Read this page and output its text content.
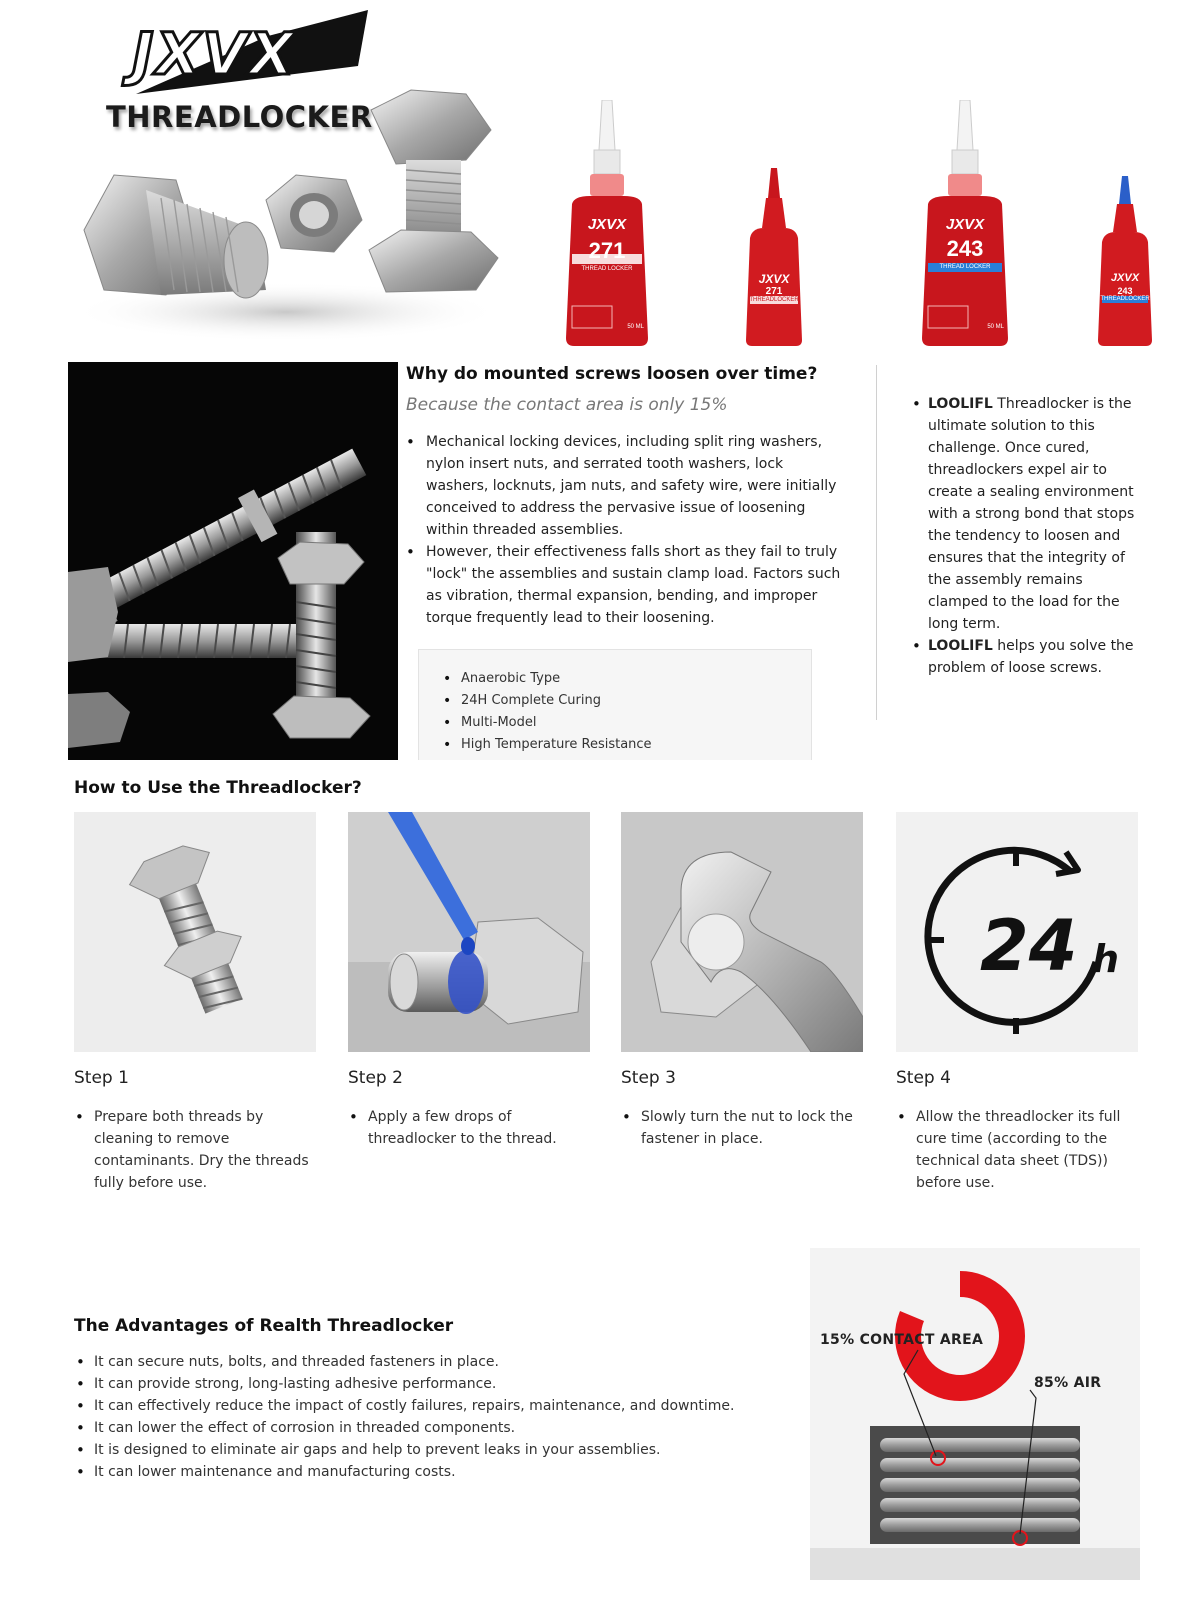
JXVX
THREADLOCKER
JXVX
271
THREAD LOCKER
50 ML
JXVX
271
THREADLOCKER
JXVX
243
THREAD LOCKER
50 ML
JXVX
243
THREADLOCKER
Why do mounted screws loosen over time?
Because the contact area is only 15%
• Mechanical locking devices, including split ring washers, nylon insert nuts, and serrated tooth washers, lock washers, locknuts, jam nuts, and safety wire, were initially conceived to address the pervasive issue of loosening within threaded assemblies.
• However, their effectiveness falls short as they fail to truly "lock" the assemblies and sustain clamp load. Factors such as vibration, thermal expansion, bending, and improper torque frequently lead to their loosening.
• Anaerobic Type
• 24H Complete Curing
• Multi-Model
• High Temperature Resistance
• LOOLIFL Threadlocker is the ultimate solution to this challenge. Once cured, threadlockers expel air to create a sealing environment with a strong bond that stops the tendency to loosen and ensures that the integrity of the assembly remains clamped to the load for the long term.
• LOOLIFL helps you solve the problem of loose screws.
How to Use the Threadlocker?
Step 1
• Prepare both threads by cleaning to remove contaminants. Dry the threads fully before use.
Step 2
• Apply a few drops of threadlocker to the thread.
Step 3
• Slowly turn the nut to lock the fastener in place.
24 h
Step 4
• Allow the threadlocker its full cure time (according to the technical data sheet (TDS)) before use.
The Advantages of Realth Threadlocker
• It can secure nuts, bolts, and threaded fasteners in place.
• It can provide strong, long-lasting adhesive performance.
• It can effectively reduce the impact of costly failures, repairs, maintenance, and downtime.
• It can lower the effect of corrosion in threaded components.
• It is designed to eliminate air gaps and help to prevent leaks in your assemblies.
• It can lower maintenance and manufacturing costs.
15% CONTACT AREA
85% AIR
